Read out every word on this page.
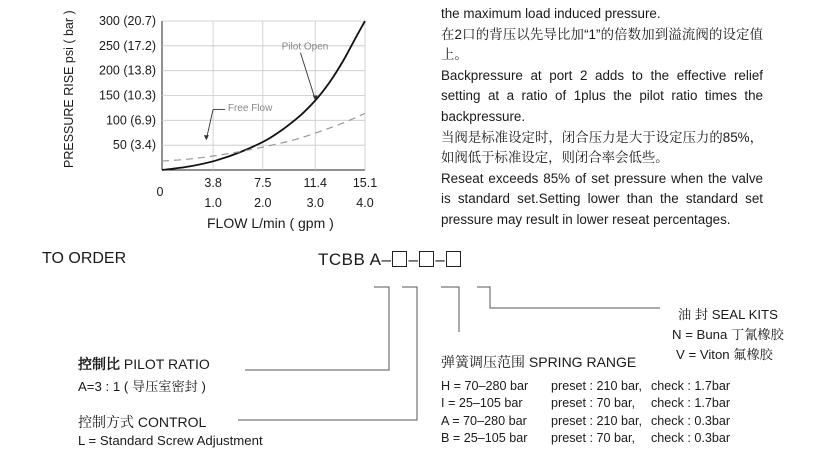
300 (20.7)
250 (17.2)
200 (13.8)
150 (10.3)
100 (6.9)
50 (3.4)
3.8
1.0
7.5
2.0
11.4
3.0
15.1
4.0
0
Pilot Open
Free Flow
PRESSURE RISE psi ( bar )
FLOW L/min ( gpm )

the maximum load induced pressure.

在2口的背压以先导比加“1”的倍数加到溢流阀的设定值上。

Backpressure at port 2 adds to the effective relief setting at a ratio of 1plus the pilot ratio times the backpressure.

当阀是标准设定时，闭合压力是大于设定压力的85%，如阀低于标准设定，则闭合率会低些。

Reseat exceeds 85% of set pressure when the valve is standard set.Setting lower than the standard set pressure may result in lower reseat percentages.

TO ORDER	TCBB A– – –
油 封 SEAL KITS
N = Buna 丁氰橡胶
V = Viton 氟橡胶
控制比 PILOT RATIO
A=3 : 1 ( 导压室密封 )
控制方式 CONTROL
L = Standard Screw Adjustment
弹簧调压范围 SPRING RANGE
H = 70–280 bar preset : 210 bar, check : 1.7bar
I = 25–105 bar preset : 70 bar, check : 1.7bar
A = 70–280 bar preset : 210 bar, check : 0.3bar
B = 25–105 bar preset : 70 bar, check : 0.3bar
